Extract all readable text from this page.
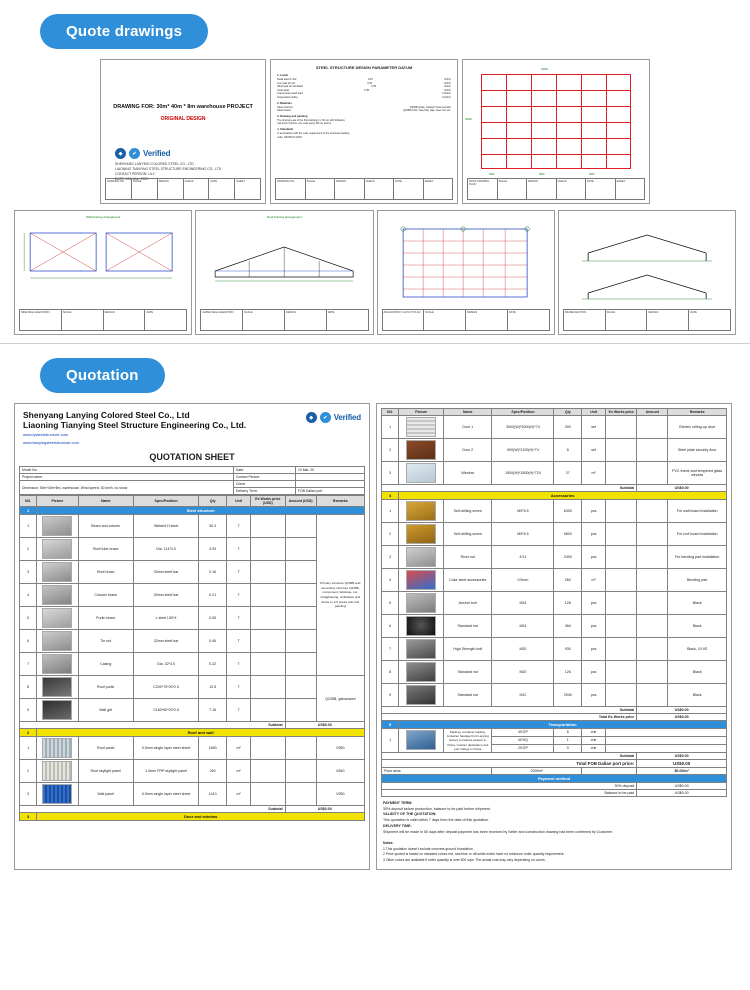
Quote drawings
DRAWING FOR: 30m* 40m * 8m warehouse PROJECT
ORIGINAL DESIGN
◆	✔ Verified
SHENYANG LANYING COLORED STEEL CO., LTD
LIAONING TIANYING STEEL STRUCTURE ENGINEERING CO., LTD
CONTACT PERSON: LILY
DATE: 10th Mar. 2020
DRAWING NO.	SCALE	DESIGN	CHECK	DATE	SHEET
STEEL STRUCTURE DESIGN PARAMETER DATUM
1. Loads
Dead load of roof	0.15	kN/m²
Live load of roof	0.50	kN/m²
Wind load on windward	0.50	kN/m²
Snow load	0.35	kN/m²
Crane beam dead load	0 kN/m²
Suspended ceiling	0 kN/m²
2. Materials
Steel columns	Q235B grade, welded H steel section
Steel beams	Q235B purlin, steel bar, pipe, steel rod, etc.
3. Drawing and painting
The structure are of the first painting 2 x 30 um with following
rust kind of primer, one coat epoxy 80 um and by
4. Standards
In accordance with the code requirement of the structural welding
code: GB 50017-2003
DRAWING NO.	SCALE	DESIGN	CHECK	DATE	SHEET
30000
40000
6000	6000	6000
ROOF FRAMING PLAN
SCALE	DESIGN	CHECK	DATE	SHEET
Wall bracing arrangement
SIDE WALL ELEVATION	SCALE	DESIGN	DATE
Roof bracing arrangement
GABLE WALL ELEVATION	SCALE	DESIGN	DATE	ANCHOR BOLT LAYOUT PLAN	SCALE	DESIGN	DATE	FRAME SECTION	SCALE	DESIGN	DATE
Quotation
Shenyang Lanying Colored Steel Co., Ltd
Liaoning Tianying Steel Structure Engineering Co., Ltd.
www.lysteelstructure.com
www.tianyingsteelstructure.com
◆	✔ Verified
QUOTATION SHEET
Model No.	Date:	10 Mar. 20
Project name:	Contact Person:	
Dimension: 50m*40m*8m, warehouse. Wind speed: 30 km/h, no snow	Client:	
	Delivery Term:	FOB Dalian port
NO.	Picture	Name	Spec/Position	Qty	Unit	Ex Works price (USD)	Amount (USD)	Remarks
1	Steel structure							
1		Beam and column	Welded H steel	30.3	T			Primary structure Q235B and secondary structure Q235B, component: fabricate, cut, straightening, civilization and donor to 2.5 punks anti-rust painting
2		Roof tube brace	Dia. 114*3.0	3.93	T			
3		Roof brace	30mm steel bar	0.16	T			
4		Column brace	30mm steel bar	0.21	T			
5		Purlin brace	L steel L50*4	0.55	T			
6		Tie rod	32mm steel bar	0.46	T			
7		Casing	Dia. 32*3.0	0.22	T			
8		Roof purlin	C200*70*20*2.5	13.5	T			Q235B, galvanized
9		Wall girt	C160*60*20*2.5	7.16	T			
Subtotal							US$0.00	
2	Roof and wall							
1		Roof panel	0.5mm single layer steel sheet	1890	m²			V950
2		Roof skylight panel	1.0mm FRP skylight panel	260	m²			V840
3		Wall panel	0.5mm single layer steel sheet	1410	m²			V950
Subtotal							US$0.00	
3	Door and window							
NO.	Picture	Name	Spec/Position	Qty	Unit	Ex Works price	Amount	Remarks
1		Door 1	3000(W)*3000(H)*74	300	set			Electric rolling-up door
2		Door 2	900(W)*2100(H)*74	8	set			Steel plate security door
3		Window	1500(W)*1500(H)*724	27	m²			PVC frame and tempered glass window
Subtotal							US$0.00	
4	Accessories							
1		Self-drilling screw	M5*5.5	6300	pcs			For wall board installation
2		Self-drilling screw	M5*5.5	5800	pcs			For roof board installation
3		Rivet nut	4*11	2400	pcs			For bending part installation
4		Color steel accessories	0.5mm	260	m²			Bending part
5		Anchor bolt	M24	128	pcs			Black
6		Standard nut	M24	384	pcs			Black
7		High Strength bolt	M20	930	pcs			Black, 10.9S
8		Standard nut	M20	126	pcs			Black
9		Standard nut	M12	2940	pcs			Black
Subtotal							US$0.00	
Total Ex-Works price							US$0.00	
5	Transportation							
1		Packing, container loading, container haulage from Lanying factory to nearest seaport in China, Custom declaration and port charge in China	40'GP	8	cntr			
			40'HQ	1	cntr			
			20'GP	0	cntr			
Subtotal							US$0.00	
Total FOB Dalian port price:							US$0.00	
Floor area:			2000m²				$0.00/m²	
Payment method								
30% deposit							US$0.00	
Balance to be paid							US$0.00	
PAYMENT TERM:
30% deposit before production, balance to be paid before shipment.
VALIDITY OF THE QUOTATION:
This quotation is valid within 7 days from the date of this quotation.
DELIVERY TIME:
Shipment will be made in 50 days after deposit payment has been received by Seller and construction drawing has been confirmed by Customer.
Notes:
1 This quotation doesn't include concrete ground foundation.
2 Price quoted is based on standard colors red, sea blue or off-white which have no minimum order quantity requirement.
3 Other colors are available if order quantity is over 500 sqm. The actual cost may vary depending on colors.
